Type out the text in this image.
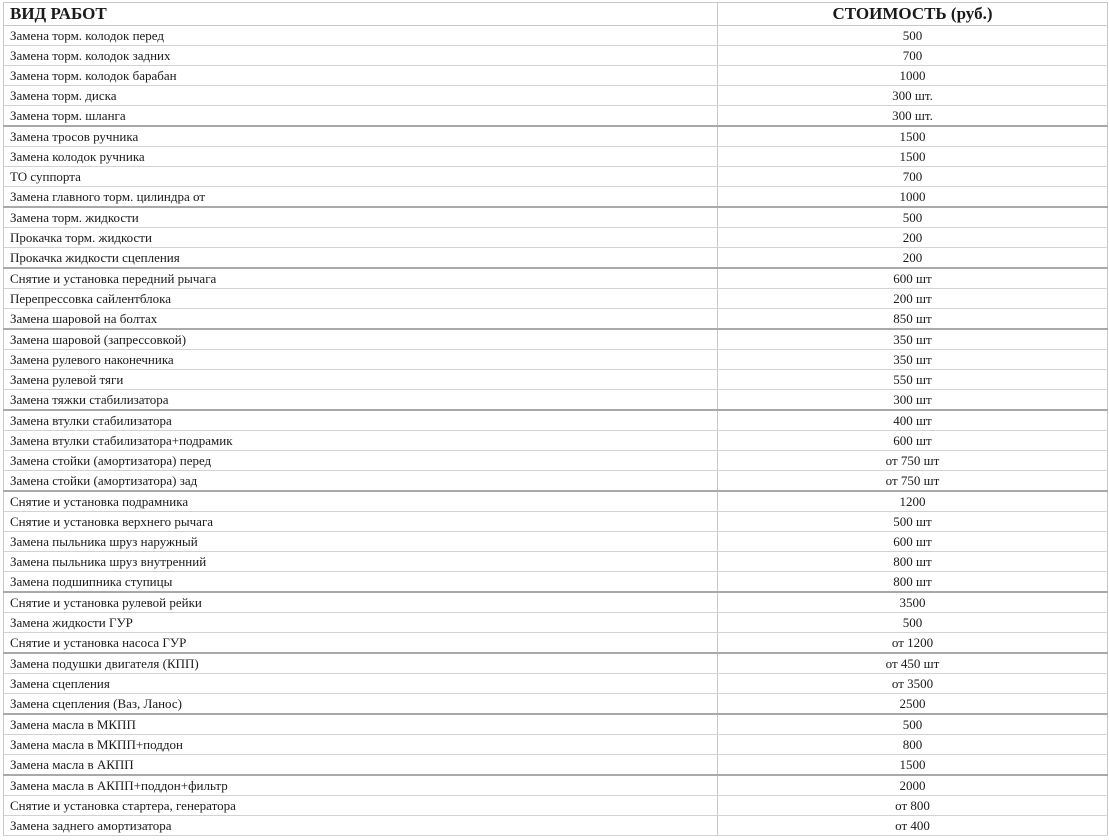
ВИД РАБОТ	СТОИМОСТЬ (руб.)
Замена торм. колодок перед	500
Замена торм. колодок задних	700
Замена торм. колодок барабан	1000
Замена торм. диска	300 шт.
Замена торм. шланга	300 шт.
Замена тросов ручника	1500
Замена колодок ручника	1500
ТО суппорта	700
Замена главного торм. цилиндра от	1000
Замена торм. жидкости	500
Прокачка торм. жидкости	200
Прокачка жидкости сцепления	200
Снятие и установка передний рычага	600 шт
Перепрессовка сайлентблока	200 шт
Замена шаровой на болтах	850 шт
Замена шаровой (запрессовкой)	350 шт
Замена рулевого наконечника	350 шт
Замена рулевой тяги	550 шт
Замена тяжки стабилизатора	300 шт
Замена втулки стабилизатора	400 шт
Замена втулки стабилизатора+подрамик	600 шт
Замена стойки (амортизатора) перед	от 750 шт
Замена стойки (амортизатора) зад	от 750 шт
Снятие и установка подрамника	1200
Снятие и установка верхнего рычага	500 шт
Замена пыльника шруз наружный	600 шт
Замена пыльника шруз внутренний	800 шт
Замена подшипника ступицы	800 шт
Снятие и установка рулевой рейки	3500
Замена жидкости ГУР	500
Снятие и установка насоса ГУР	от 1200
Замена подушки двигателя (КПП)	от 450 шт
Замена сцепления	от 3500
Замена сцепления (Ваз, Ланос)	2500
Замена масла в МКПП	500
Замена масла в МКПП+поддон	800
Замена масла в АКПП	1500
Замена масла в АКПП+поддон+фильтр	2000
Снятие и установка стартера, генератора	от 800
Замена заднего амортизатора	от 400
